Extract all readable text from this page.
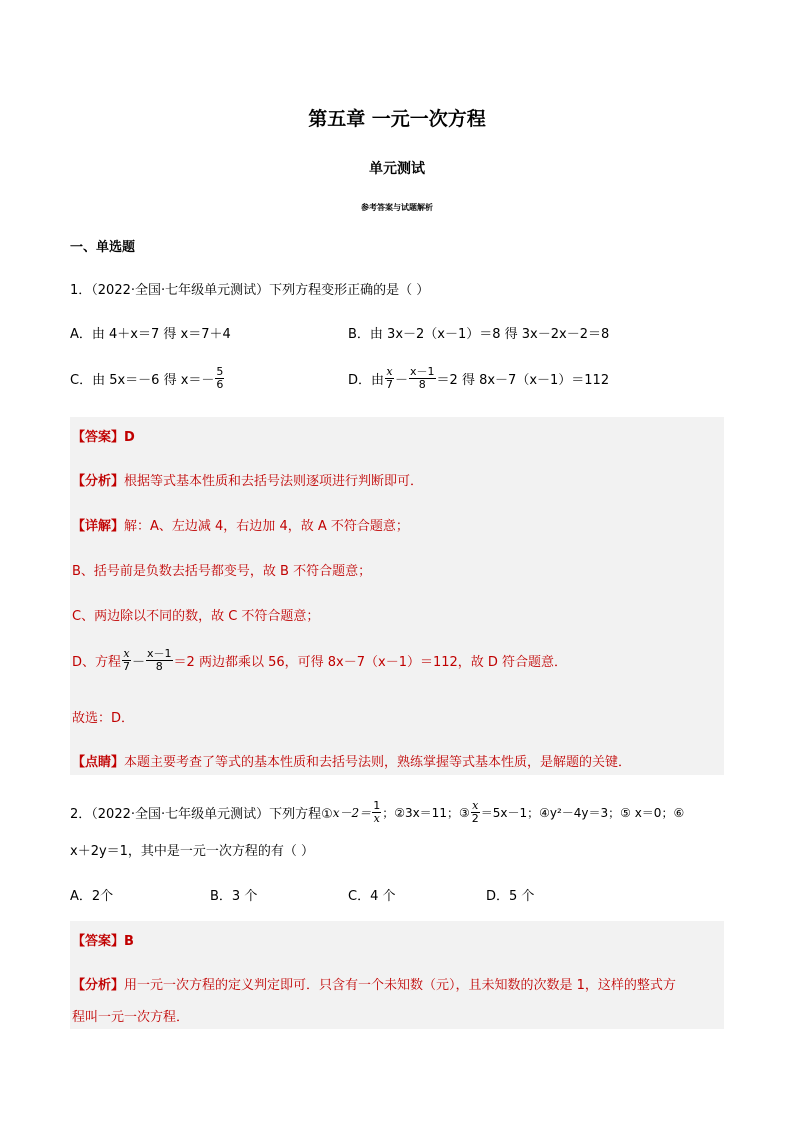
第五章 一元一次方程
单元测试
参考答案与试题解析
一、单选题
1．（2022·全国·七年级单元测试）下列方程变形正确的是（ ）
A．由 4＋x＝7 得 x＝7＋4	B．由 3x－2（x－1）＝8 得 3x－2x－2＝8
C．由 5x＝－6 得 $x=- \frac{5}{6}$	D．由 $\frac{x}{7} - \frac{x-1}{8} =2$ 得 8x－7（x－1）＝112
【答案】D
【分析】根据等式基本性质和去括号法则逐项进行判断即可．
【详解】解：A、左边减 4，右边加 4，故 A 不符合题意；
B、括号前是负数去括号都变号，故 B 不符合题意；
C、两边除以不同的数，故 C 不符合题意；
D、方程 $\frac{x}{7} - \frac{x-1}{8} =2$ 两边都乘以 56，可得 8x－7（x－1）＝112，故 D 符合题意．
故选：D．
【点睛】本题主要考查了等式的基本性质和去括号法则，熟练掌握等式基本性质，是解题的关键．
2．（2022·全国·七年级单元测试）下列方程①x－2＝ $\frac{1}{x}$ ；②3x＝11；③ $\frac{x}{2} =5x-1$；④y²－4y＝3；⑤ x＝0；⑥
x＋2y＝1，其中是一元一次方程的有（ ）
A．2个	B．3 个	C．4 个	D．5 个
【答案】B
【分析】用一元一次方程的定义判定即可．只含有一个未知数（元），且未知数的次数是 1，这样的整式方
程叫一元一次方程．
